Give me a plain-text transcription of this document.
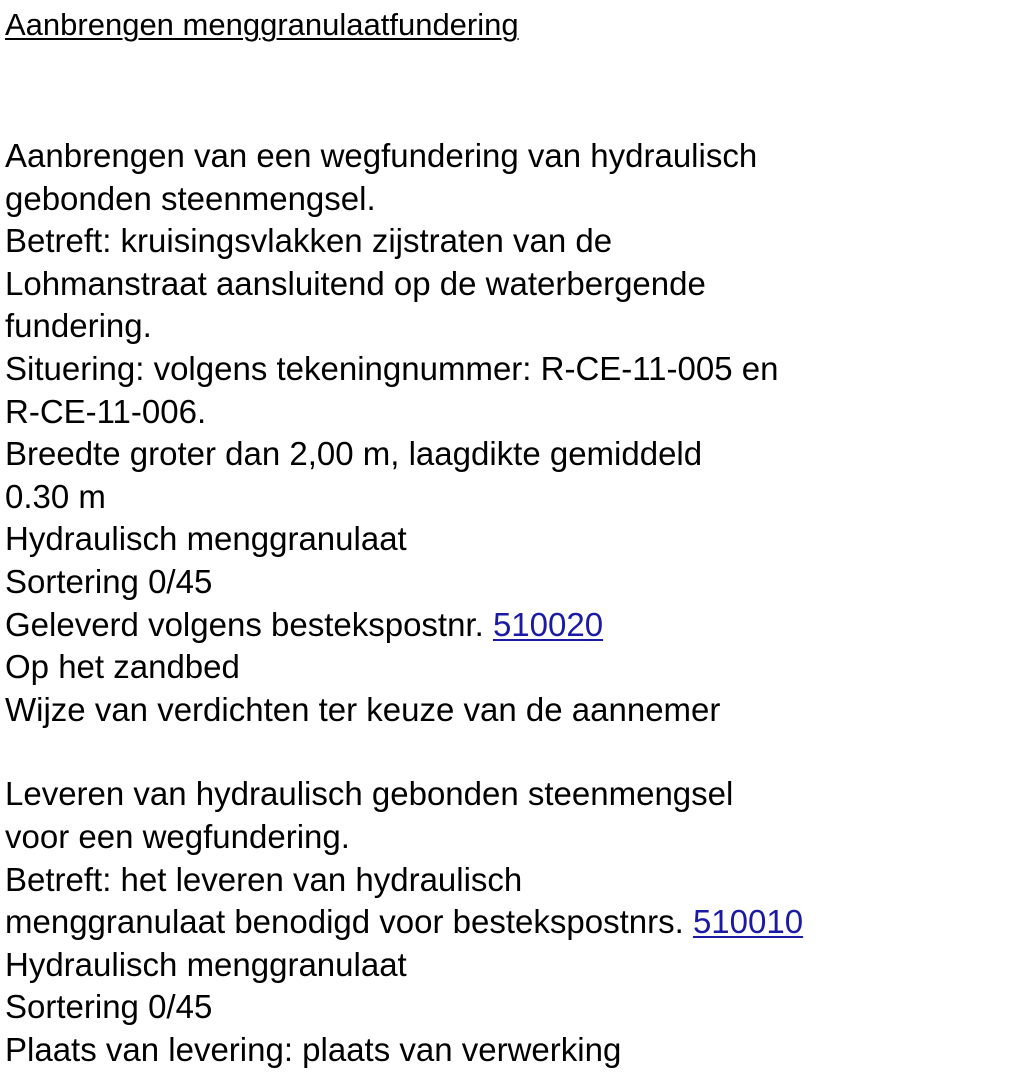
Aanbrengen menggranulaatfundering
Aanbrengen van een wegfundering van hydraulisch
gebonden steenmengsel.
Betreft: kruisingsvlakken zijstraten van de
Lohmanstraat aansluitend op de waterbergende
fundering.
Situering: volgens tekeningnummer: R-CE-11-005 en
R-CE-11-006.
Breedte groter dan 2,00 m, laagdikte gemiddeld
0.30 m
Hydraulisch menggranulaat
Sortering 0/45
Geleverd volgens bestekspostnr. 510020
Op het zandbed
Wijze van verdichten ter keuze van de aannemer
Leveren van hydraulisch gebonden steenmengsel
voor een wegfundering.
Betreft: het leveren van hydraulisch
menggranulaat benodigd voor bestekspostnrs. 510010
Hydraulisch menggranulaat
Sortering 0/45
Plaats van levering: plaats van verwerking
